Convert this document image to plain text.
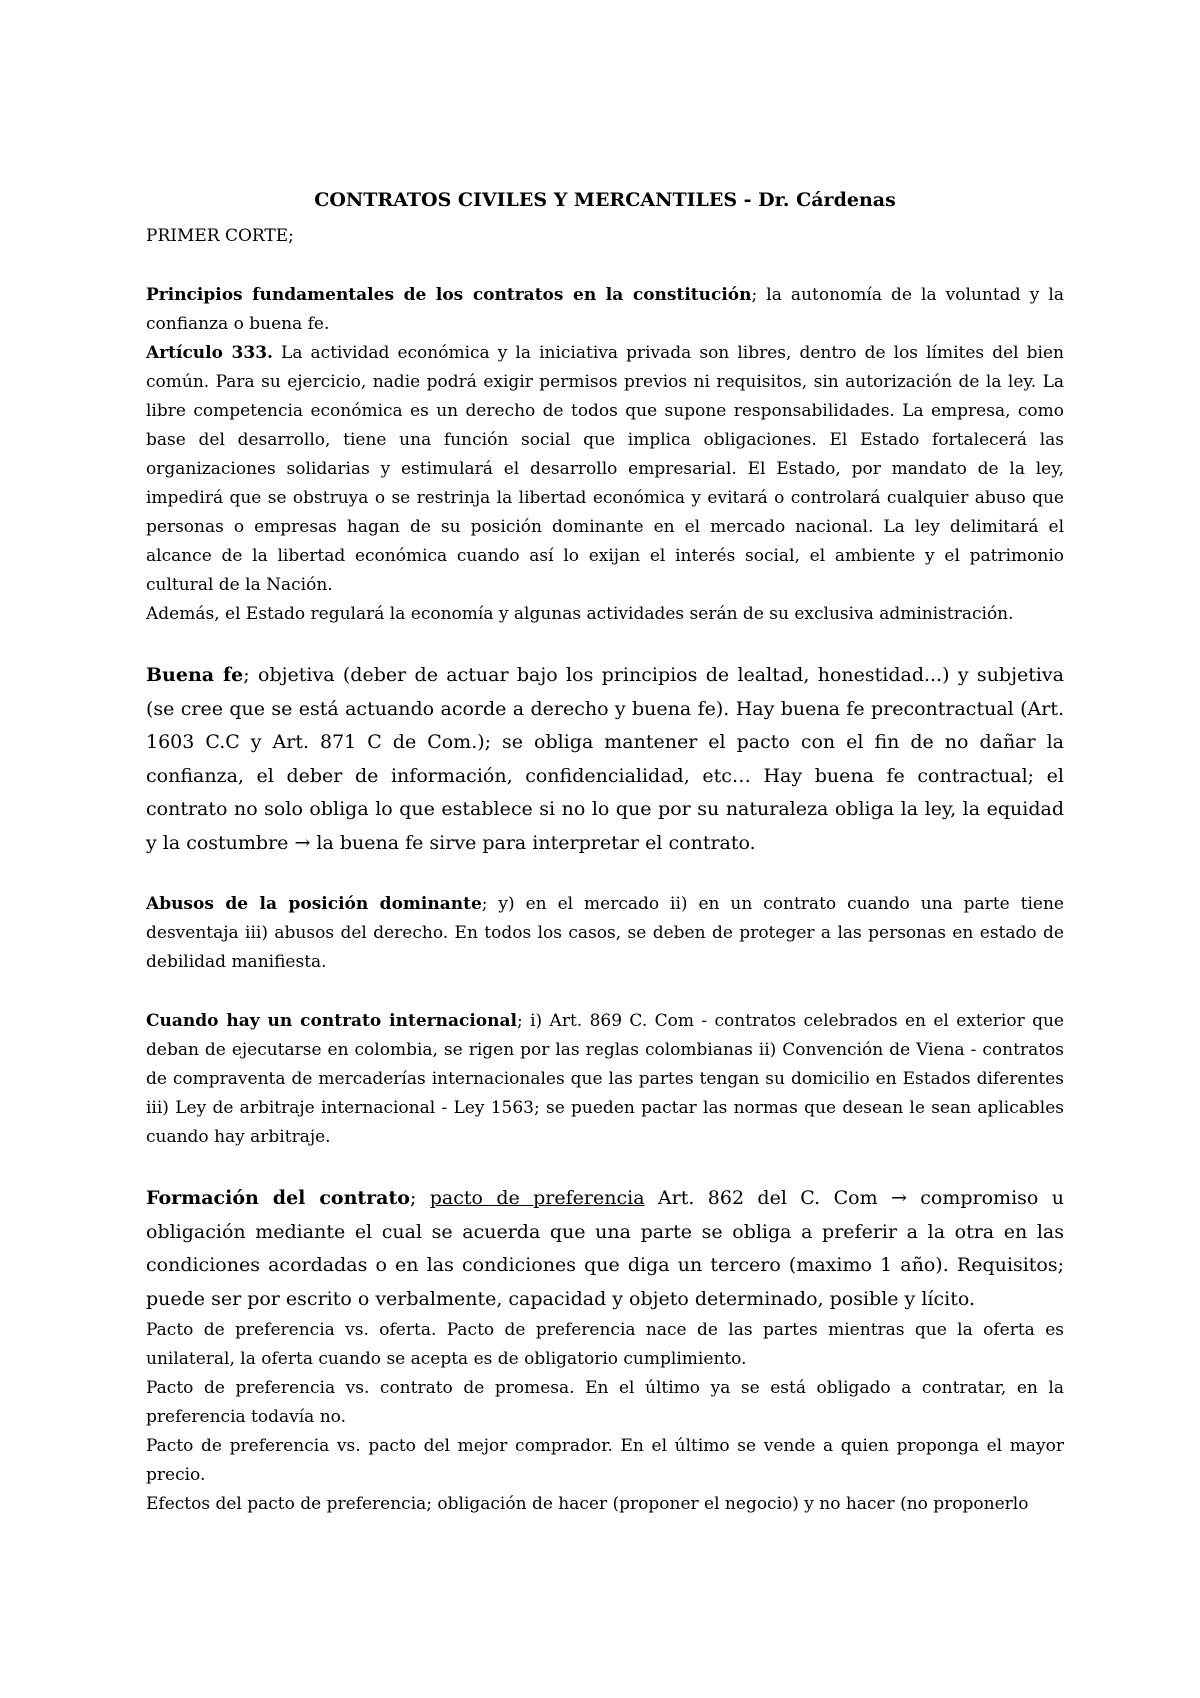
CONTRATOS CIVILES Y MERCANTILES - Dr. Cárdenas

PRIMER CORTE;

Principios fundamentales de los contratos en la constitución; la autonomía de la voluntad y la confianza o buena fe.

Artículo 333. La actividad económica y la iniciativa privada son libres, dentro de los límites del bien común. Para su ejercicio, nadie podrá exigir permisos previos ni requisitos, sin autorización de la ley. La libre competencia económica es un derecho de todos que supone responsabilidades. La empresa, como base del desarrollo, tiene una función social que implica obligaciones. El Estado fortalecerá las organizaciones solidarias y estimulará el desarrollo empresarial. El Estado, por mandato de la ley, impedirá que se obstruya o se restrinja la libertad económica y evitará o controlará cualquier abuso que personas o empresas hagan de su posición dominante en el mercado nacional. La ley delimitará el alcance de la libertad económica cuando así lo exijan el interés social, el ambiente y el patrimonio cultural de la Nación.

Además, el Estado regulará la economía y algunas actividades serán de su exclusiva administración.

Buena fe; objetiva (deber de actuar bajo los principios de lealtad, honestidad...) y subjetiva (se cree que se está actuando acorde a derecho y buena fe). Hay buena fe precontractual (Art. 1603 C.C y Art. 871 C de Com.); se obliga mantener el pacto con el fin de no dañar la confianza, el deber de información, confidencialidad, etc… Hay buena fe contractual; el contrato no solo obliga lo que establece si no lo que por su naturaleza obliga la ley, la equidad y la costumbre → la buena fe sirve para interpretar el contrato.

Abusos de la posición dominante; y) en el mercado ii) en un contrato cuando una parte tiene desventaja iii) abusos del derecho. En todos los casos, se deben de proteger a las personas en estado de debilidad manifiesta.

Cuando hay un contrato internacional; i) Art. 869 C. Com - contratos celebrados en el exterior que deban de ejecutarse en colombia, se rigen por las reglas colombianas ii) Convención de Viena - contratos de compraventa de mercaderías internacionales que las partes tengan su domicilio en Estados diferentes iii) Ley de arbitraje internacional - Ley 1563; se pueden pactar las normas que desean le sean aplicables cuando hay arbitraje.

Formación del contrato; pacto de preferencia Art. 862 del C. Com → compromiso u obligación mediante el cual se acuerda que una parte se obliga a preferir a la otra en las condiciones acordadas o en las condiciones que diga un tercero (maximo 1 año). Requisitos; puede ser por escrito o verbalmente, capacidad y objeto determinado, posible y lícito.

Pacto de preferencia vs. oferta. Pacto de preferencia nace de las partes mientras que la oferta es unilateral, la oferta cuando se acepta es de obligatorio cumplimiento.

Pacto de preferencia vs. contrato de promesa. En el último ya se está obligado a contratar, en la preferencia todavía no.

Pacto de preferencia vs. pacto del mejor comprador. En el último se vende a quien proponga el mayor precio.

Efectos del pacto de preferencia; obligación de hacer (proponer el negocio) y no hacer (no proponerlo
